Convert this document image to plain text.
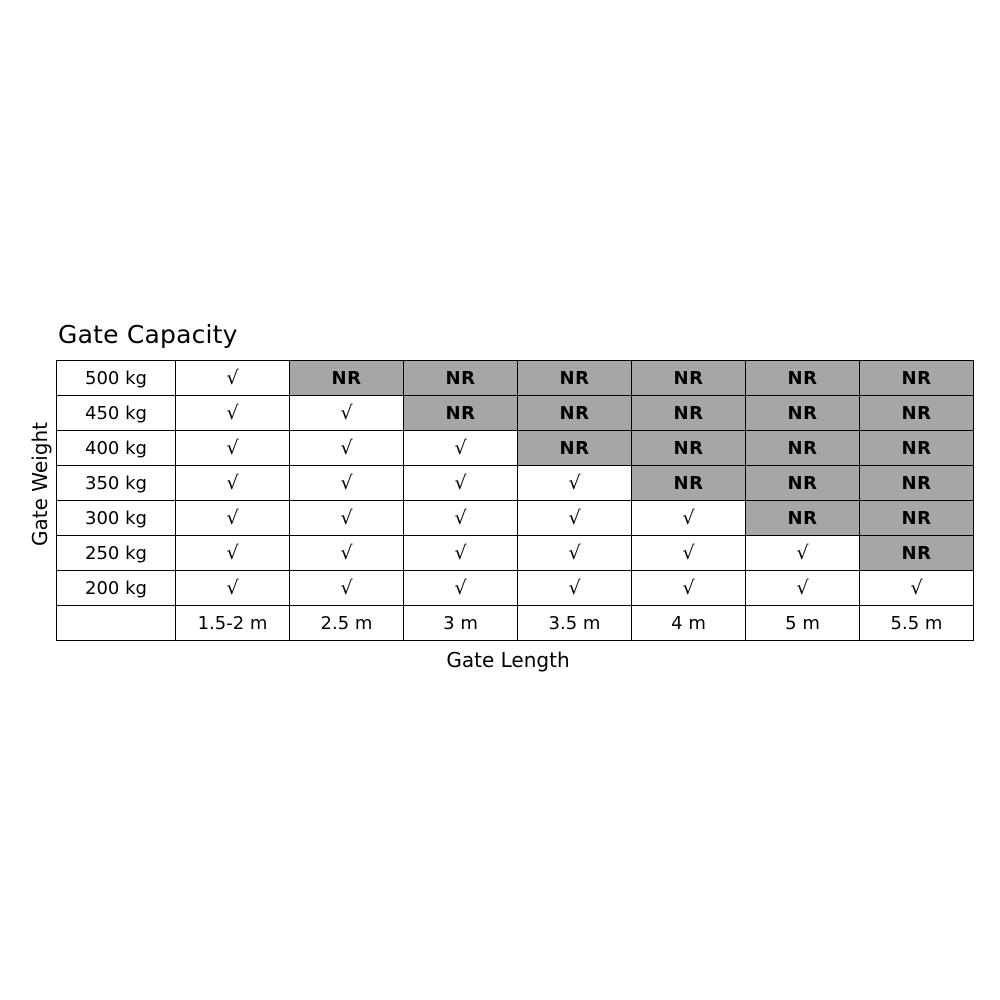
Gate Capacity
Gate Weight
500 kg	√	NR	NR	NR	NR	NR	NR
450 kg	√	√	NR	NR	NR	NR	NR
400 kg	√	√	√	NR	NR	NR	NR
350 kg	√	√	√	√	NR	NR	NR
300 kg	√	√	√	√	√	NR	NR
250 kg	√	√	√	√	√	√	NR
200 kg	√	√	√	√	√	√	√
	1.5-2 m	2.5 m	3 m	3.5 m	4 m	5 m	5.5 m
Gate Length
